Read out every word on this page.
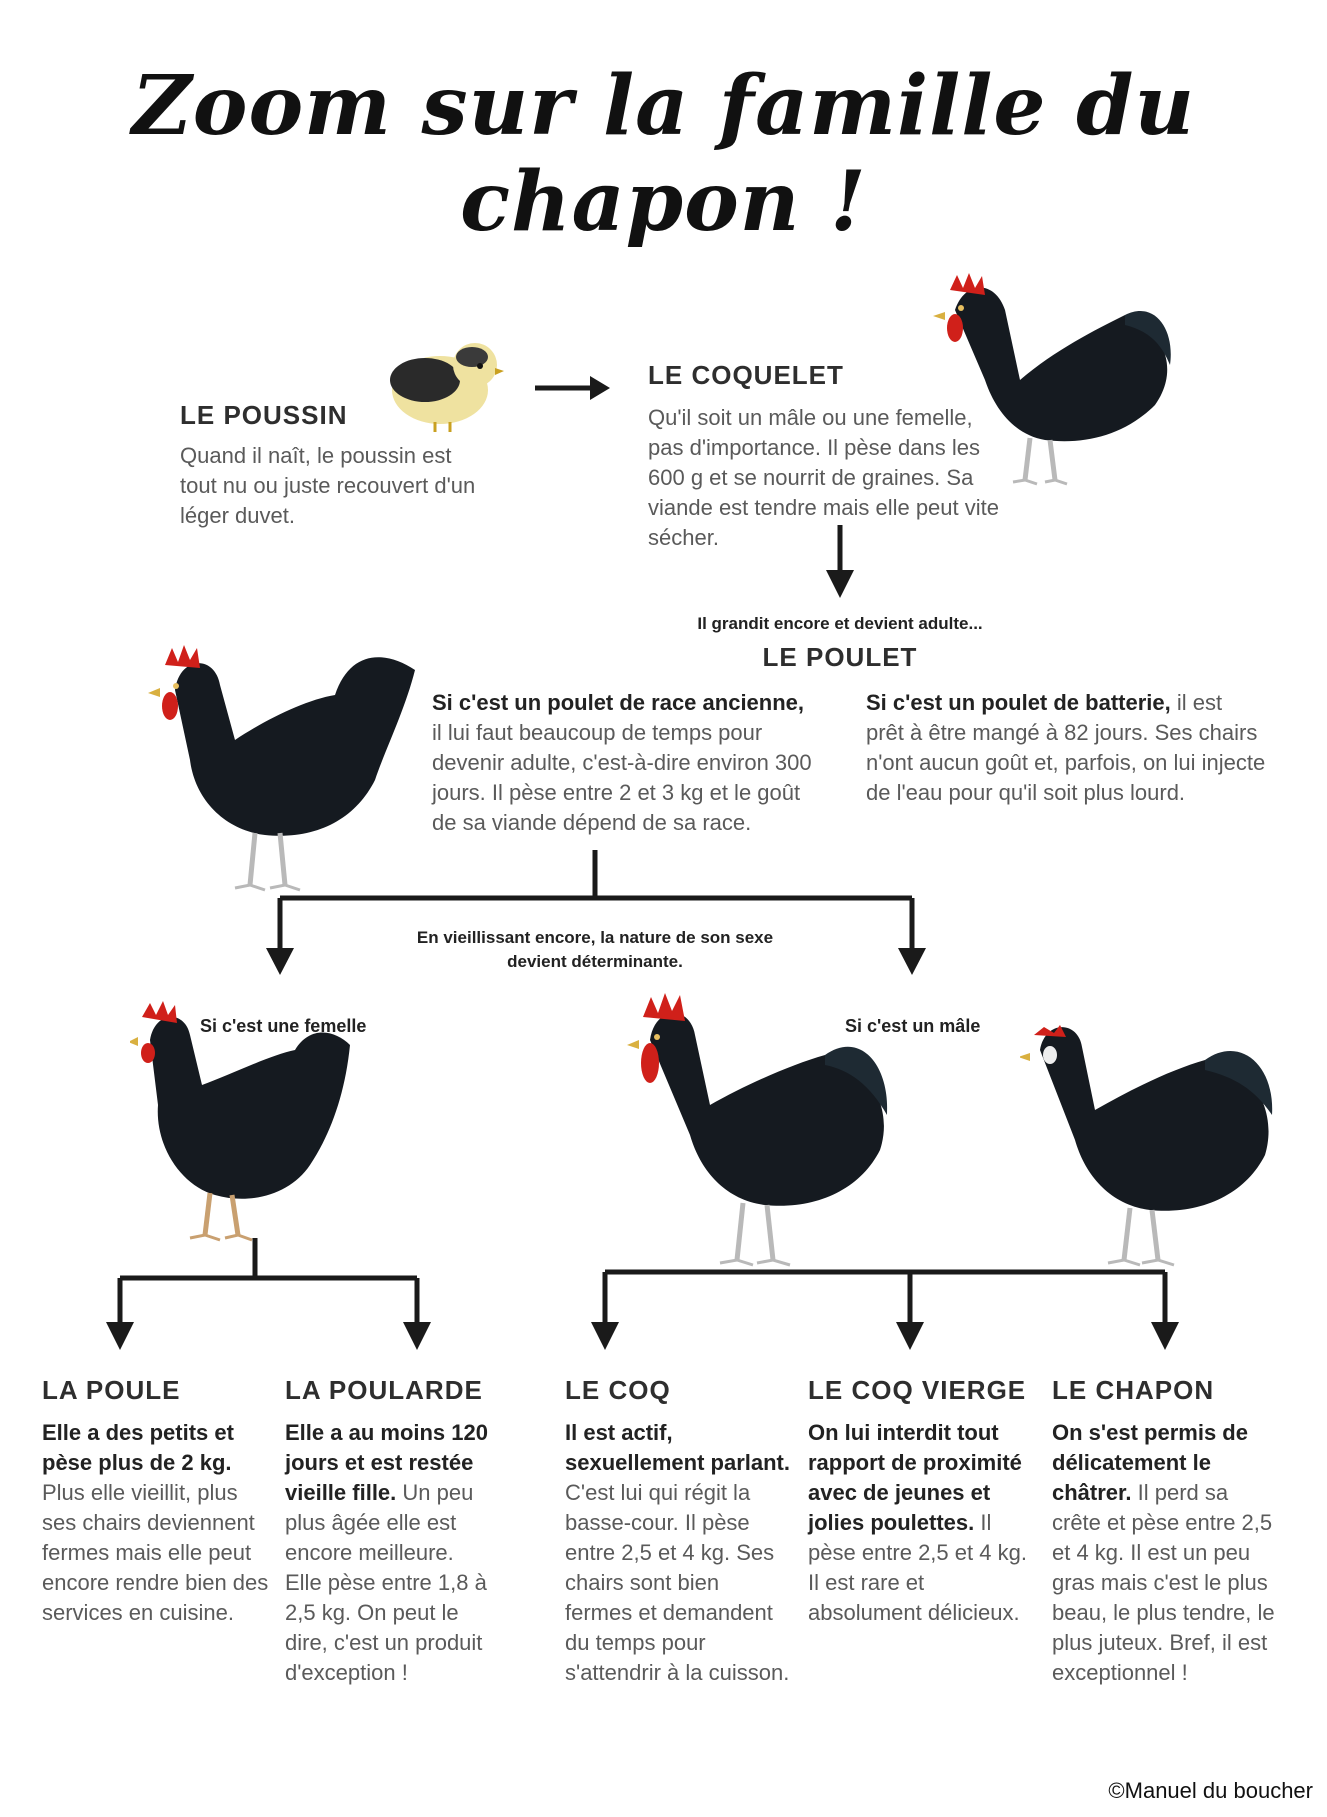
Zoom sur la famille du chapon !
LE POUSSIN

Quand il naît, le poussin est tout nu ou juste recouvert d'un léger duvet.

LE COQUELET

Qu'il soit un mâle ou une femelle, pas d'importance. Il pèse dans les 600 g et se nourrit de graines. Sa viande est tendre mais elle peut vite sécher.

Il grandit encore et devient adulte...
LE POULET

Si c'est un poulet de race ancienne, il lui faut beaucoup de temps pour devenir adulte, c'est-à-dire environ 300 jours. Il pèse entre 2 et 3 kg et le goût de sa viande dépend de sa race.

Si c'est un poulet de batterie, il est prêt à être mangé à 82 jours. Ses chairs n'ont aucun goût et, parfois, on lui injecte de l'eau pour qu'il soit plus lourd.

En vieillissant encore, la nature de son sexe
devient déterminante.
Si c'est une femelle	Si c'est un mâle
LA POULE

Elle a des petits et pèse plus de 2 kg. Plus elle vieillit, plus ses chairs deviennent fermes mais elle peut encore rendre bien des services en cuisine.

LA POULARDE

Elle a au moins 120 jours et est restée vieille fille. Un peu plus âgée elle est encore meilleure. Elle pèse entre 1,8 à 2,5 kg. On peut le dire, c'est un produit d'exception !

LE COQ

Il est actif, sexuellement parlant. C'est lui qui régit la basse-cour. Il pèse entre 2,5 et 4 kg. Ses chairs sont bien fermes et demandent du temps pour s'attendrir à la cuisson.

LE COQ VIERGE

On lui interdit tout rapport de proximité avec de jeunes et jolies poulettes. Il pèse entre 2,5 et 4 kg. Il est rare et absolument délicieux.

LE CHAPON

On s'est permis de délicatement le châtrer. Il perd sa crête et pèse entre 2,5 et 4 kg. Il est un peu gras mais c'est le plus beau, le plus tendre, le plus juteux. Bref, il est exceptionnel !

©Manuel du boucher
